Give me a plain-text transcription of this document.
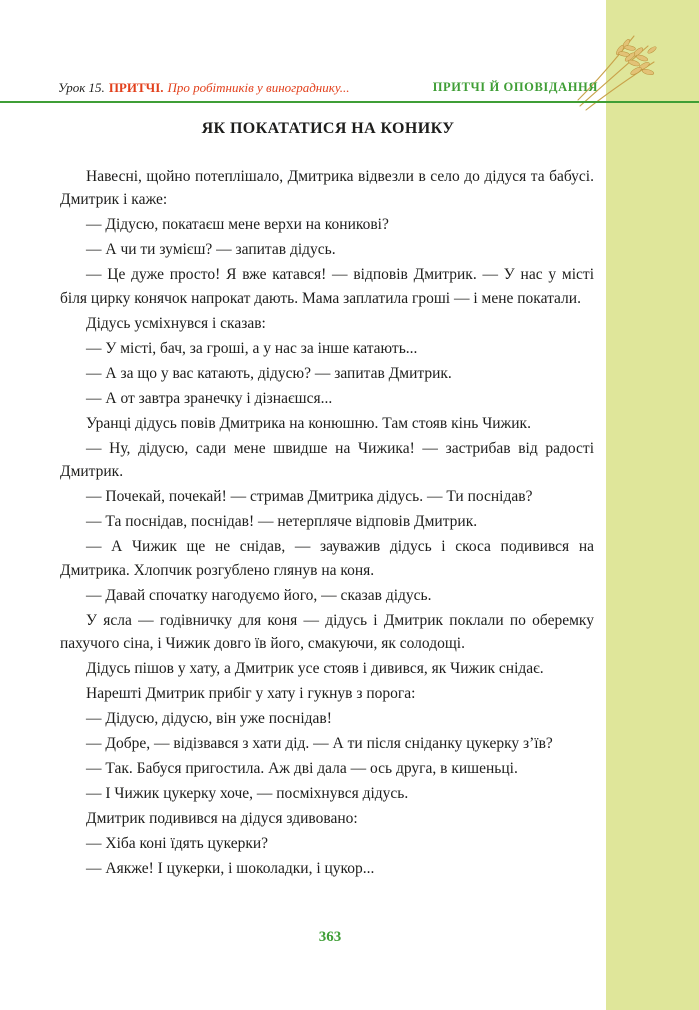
Урок 15. ПРИТЧІ. Про робітників у винограднику...	ПРИТЧІ Й ОПОВІДАННЯ
ЯК ПОКАТАТИСЯ НА КОНИКУ

Навесні, щойно потеплішало, Дмитрика відвезли в село до дідуся та бабусі. Дмитрик і каже:

— Дідусю, покатаєш мене верхи на коникові?

— А чи ти зумієш? — запитав дідусь.

— Це дуже просто! Я вже катався! — відповів Дмитрик. — У нас у місті біля цирку конячок напрокат дають. Мама заплатила гроші — і мене покатали.

Дідусь усміхнувся і сказав:

— У місті, бач, за гроші, а у нас за інше катають...

— А за що у вас катають, дідусю? — запитав Дмитрик.

— А от завтра зранечку і дізнаєшся...

Уранці дідусь повів Дмитрика на конюшню. Там стояв кінь Чижик.

— Ну, дідусю, сади мене швидше на Чижика! — застрибав від радості Дмитрик.

— Почекай, почекай! — стримав Дмитрика дідусь. — Ти поснідав?

— Та поснідав, поснідав! — нетерпляче відповів Дмитрик.

— А Чижик ще не снідав, — зауважив дідусь і скоса подивився на Дмитрика. Хлопчик розгублено глянув на коня.

— Давай спочатку нагодуємо його, — сказав дідусь.

У ясла — годівничку для коня — дідусь і Дмитрик поклали по оберемку пахучого сіна, і Чижик довго їв його, смакуючи, як солодощі.

Дідусь пішов у хату, а Дмитрик усе стояв і дивився, як Чижик снідає.

Нарешті Дмитрик прибіг у хату і гукнув з порога:

— Дідусю, дідусю, він уже поснідав!

— Добре, — відізвався з хати дід. — А ти після сніданку цукерку з’їв?

— Так. Бабуся пригостила. Аж дві дала — ось друга, в кишеньці.

— І Чижик цукерку хоче, — посміхнувся дідусь.

Дмитрик подивився на дідуся здивовано:

— Хіба коні їдять цукерки?

— Аякже! І цукерки, і шоколадки, і цукор...

363
